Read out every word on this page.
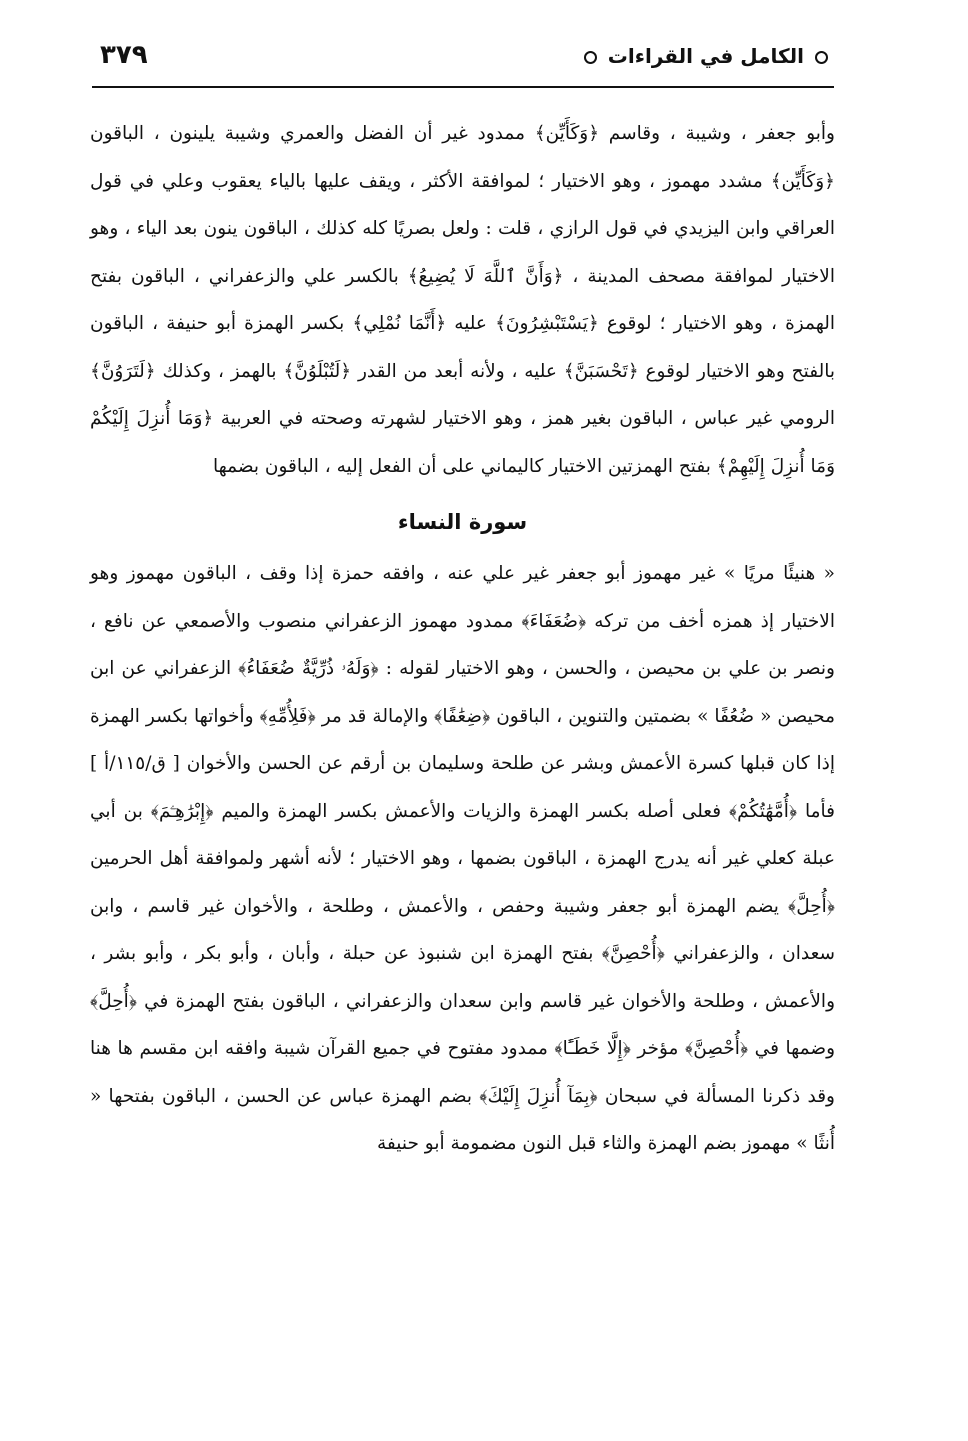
الكامل في القراءات
٣٧٩

وأبو جعفر ، وشيبة ، وقاسم ﴿وَكَأَيِّن﴾ ممدود غير أن الفضل والعمري وشيبة يلينون ، الباقون ﴿وَكَأَيِّن﴾ مشدد مهموز ، وهو الاختيار ؛ لموافقة الأكثر ، ويقف عليها بالياء يعقوب وعلي في قول العراقي وابن اليزيدي في قول الرازي ، قلت : ولعل بصريًا كله كذلك ، الباقون ينون بعد الياء ، وهو الاختيار لموافقة مصحف المدينة ، ﴿وَأَنَّ ٱللَّهَ لَا يُضِيعُ﴾ بالكسر علي والزعفراني ، الباقون بفتح الهمزة ، وهو الاختيار ؛ لوقوع ﴿يَسْتَبْشِرُونَ﴾ عليه ﴿أَنَّمَا نُمْلِي﴾ بكسر الهمزة أبو حنيفة ، الباقون بالفتح وهو الاختيار لوقوع ﴿تَحْسَبَنَّ﴾ عليه ، ولأنه أبعد من القدر ﴿لَتُبْلَوُنَّ﴾ بالهمز ، وكذلك ﴿لَتَرَوُنَّ﴾ الرومي غير عباس ، الباقون بغير همز ، وهو الاختيار لشهرته وصحته في العربية ﴿وَمَا أُنزِلَ إِلَيْكُمْ وَمَا أُنزِلَ إِلَيْهِمْ﴾ بفتح الهمزتين الاختيار كاليماني على أن الفعل إليه ، الباقون بضمها

سورة النساء

« هنيئًا مريًا » غير مهموز أبو جعفر غير علي عنه ، وافقه حمزة إذا وقف ، الباقون مهموز وهو الاختيار إذ همزه أخف من تركه ﴿ضُعَفَاءَ﴾ ممدود مهموز الزعفراني منصوب والأصمعي عن نافع ، ونصر بن علي بن محيصن ، والحسن ، وهو الاختيار لقوله : ﴿وَلَهُۥ ذُرِّيَّةٌ ضُعَفَاءُ﴾ الزعفراني عن ابن محيصن « ضُعُفًا » بضمتين والتنوين ، الباقون ﴿ضِعَٰفًا﴾ والإمالة قد مر ﴿فَلِأُمِّهِ﴾ وأخواتها بكسر الهمزة إذا كان قبلها كسرة الأعمش وبشر عن طلحة وسليمان بن أرقم عن الحسن والأخوان [ ق/١١٥/أ ] فأما ﴿أُمَّهَٰتُكُمْ﴾ فعلى أصله بكسر الهمزة والزيات والأعمش بكسر الهمزة والميم ﴿إِبْرَٰهِـۧمَ﴾ بن أبي عبلة كعلي غير أنه يدرج الهمزة ، الباقون بضمها ، وهو الاختيار ؛ لأنه أشهر ولموافقة أهل الحرمين ﴿أُحِلَّ﴾ يضم الهمزة أبو جعفر وشيبة وحفص ، والأعمش ، وطلحة ، والأخوان غير قاسم ، وابن سعدان ، والزعفراني ﴿أُحْصِنَّ﴾ بفتح الهمزة ابن شنبوذ عن حبلة ، وأبان ، وأبو بكر ، وأبو بشر ، والأعمش ، وطلحة والأخوان غير قاسم وابن سعدان والزعفراني ، الباقون بفتح الهمزة في ﴿أُحِلَّ﴾ وضمها في ﴿أُحْصِنَّ﴾ مؤخر ﴿إِلَّا خَطَـًٔا﴾ ممدود مفتوح في جميع القرآن شيبة وافقه ابن مقسم ها هنا وقد ذكرنا المسألة في سبحان ﴿بِمَآ أُنزِلَ إِلَيْكَ﴾ بضم الهمزة عباس عن الحسن ، الباقون بفتحها « أُنثًا » مهموز بضم الهمزة والثاء قبل النون مضمومة أبو حنيفة
